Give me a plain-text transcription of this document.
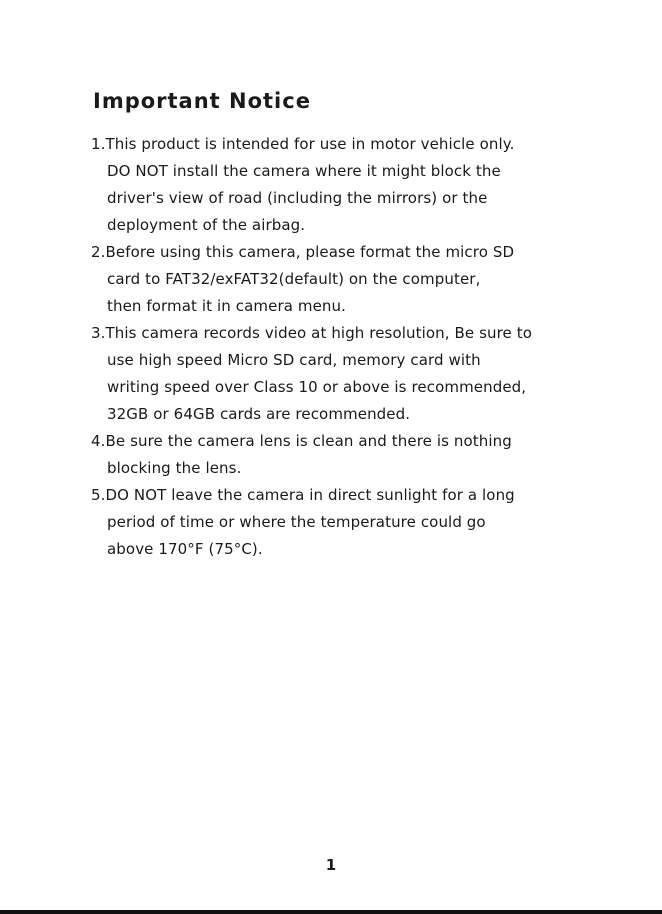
Important Notice
1.This product is intended for use in motor vehicle only.
DO NOT install the camera where it might block the
driver's view of road (including the mirrors) or the
deployment of the airbag.
2.Before using this camera, please format the micro SD
card to FAT32/exFAT32(default) on the computer,
then format it in camera menu.
3.This camera records video at high resolution, Be sure to
use high speed Micro SD card, memory card with
writing speed over Class 10 or above is recommended,
32GB or 64GB cards are recommended.
4.Be sure the camera lens is clean and there is nothing
blocking the lens.
5.DO NOT leave the camera in direct sunlight for a long
period of time or where the temperature could go
above 170°F (75°C).
1
